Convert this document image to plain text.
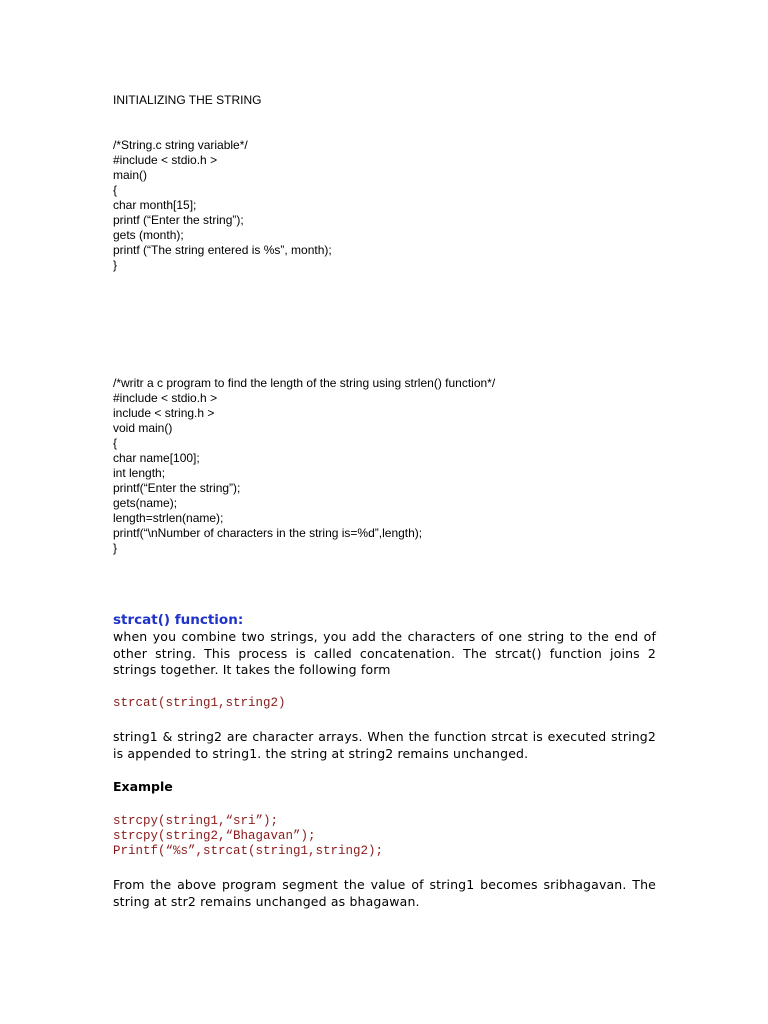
INITIALIZING THE STRING
/*String.c string variable*/
#include < stdio.h >
main()
{
char month[15];
printf (“Enter the string”);
gets (month);
printf (“The string entered is %s”, month);
}
/*writr a c program to find the length of the string using strlen() function*/
#include < stdio.h >
include < string.h >
void main()
{
char name[100];
int length;
printf(“Enter the string”);
gets(name);
length=strlen(name);
printf(“\nNumber of characters in the string is=%d”,length);
}
strcat() function:
when you combine two strings, you add the characters of one string to the end of other string. This process is called concatenation. The strcat() function joins 2 strings together. It takes the following form
strcat(string1,string2)
string1 & string2 are character arrays. When the function strcat is executed string2 is appended to string1. the string at string2 remains unchanged.
Example
strcpy(string1,“sri”);
strcpy(string2,“Bhagavan”);
Printf(“%s”,strcat(string1,string2);
From the above program segment the value of string1 becomes sribhagavan. The string at str2 remains unchanged as bhagawan.
